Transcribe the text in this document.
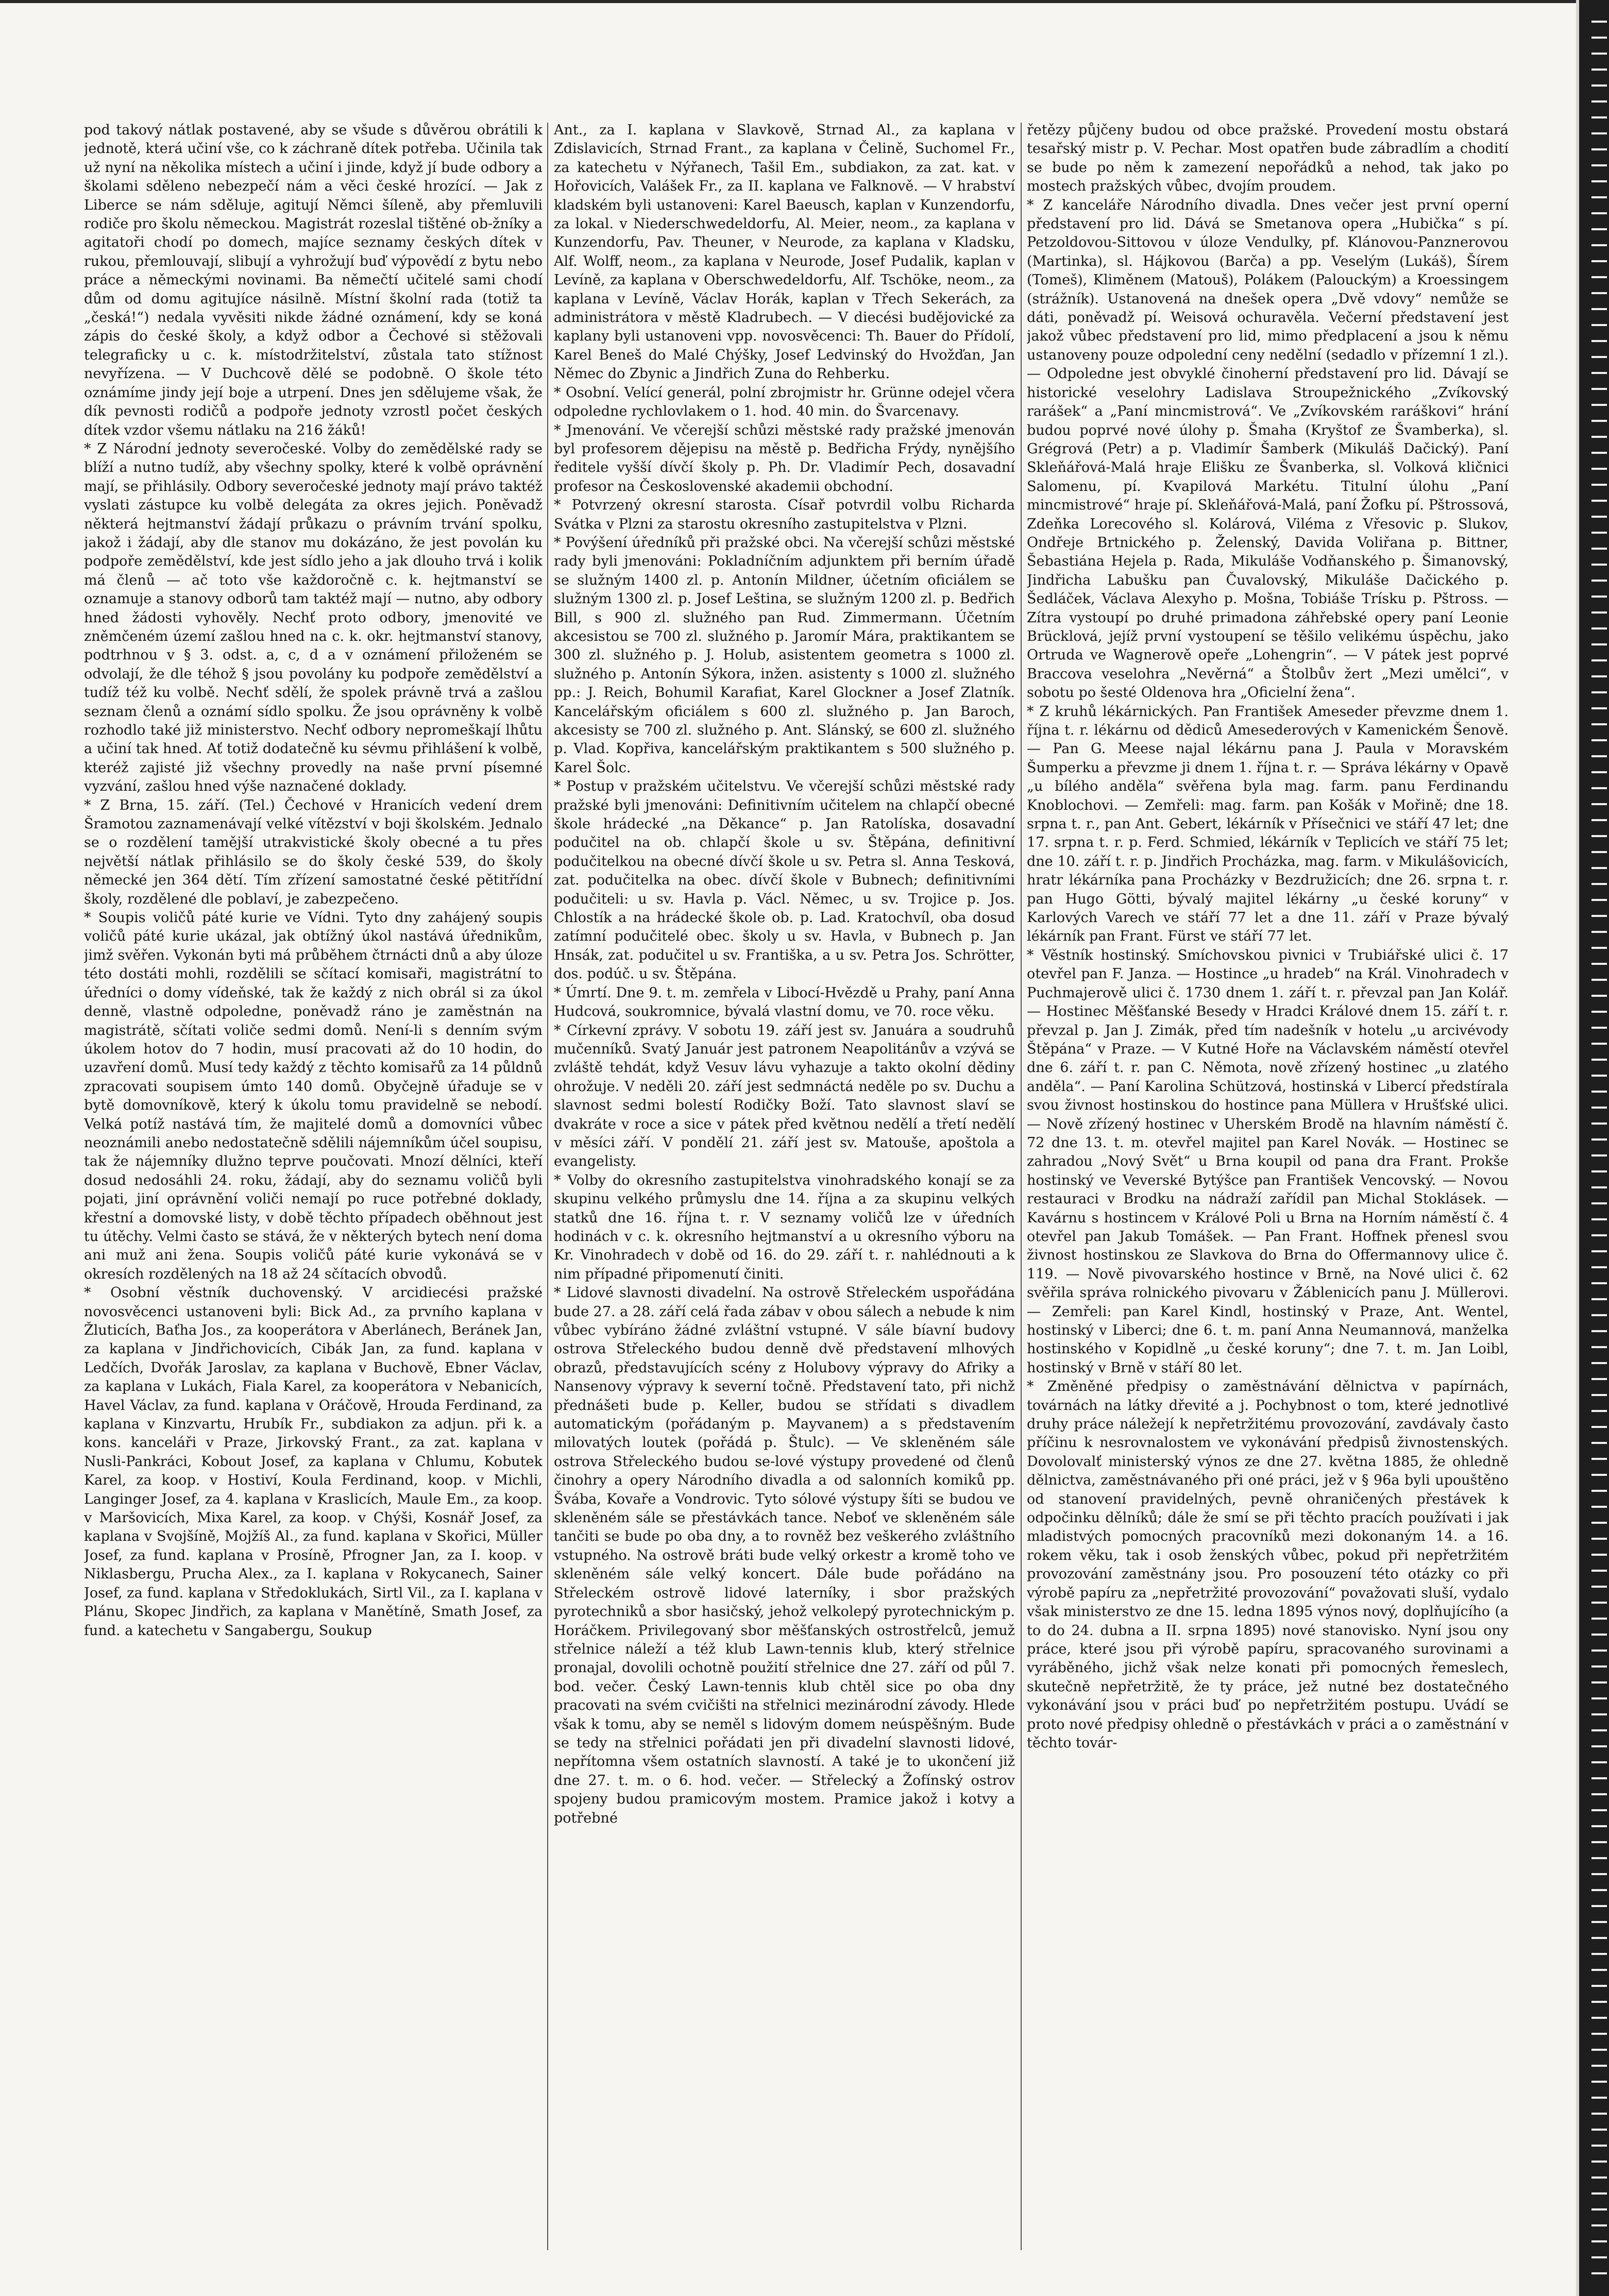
pod takový nátlak postavené, aby se všude s důvěrou obrátili k jednotě, která učiní vše, co k záchraně dítek potřeba. Učinila tak už nyní na několika místech a učiní i jinde, když jí bude odbory a školami sděleno nebezpečí nám a věci české hrozící. — Jak z Liberce se nám sděluje, agitují Němci šíleně, aby přemluvili rodiče pro školu německou. Magistrát rozeslal tištěné ob-žníky a agitatoři chodí po domech, majíce seznamy českých dítek v rukou, přemlouvají, slibují a vyhrožují buď výpovědí z bytu nebo práce a německými novinami. Ba němečtí učitelé sami chodí dům od domu agitujíce násilně. Místní školní rada (totiž ta „česká!“) nedala vyvěsiti nikde žádné oznámení, kdy se koná zápis do české školy, a když odbor a Čechové si stěžovali telegraficky u c. k. místodržitelství, zůstala tato stížnost nevyřízena. — V Duchcově dělé se podobně. O škole této oznámíme jindy její boje a utrpení. Dnes jen sdělujeme však, že dík pevnosti rodičů a podpoře jednoty vzrostl počet českých dítek vzdor všemu nátlaku na 216 žáků!

* Z Národní jednoty severočeské. Volby do zemědělské rady se blíží a nutno tudíž, aby všechny spolky, které k volbě oprávnění mají, se přihlásily. Odbory severočeské jednoty mají právo taktéž vyslati zástupce ku volbě delegáta za okres jejich. Poněvadž některá hejtmanství žádají průkazu o právním trvání spolku, jakož i žádají, aby dle stanov mu dokázáno, že jest povolán ku podpoře zemědělství, kde jest sídlo jeho a jak dlouho trvá i kolik má členů — ač toto vše každoročně c. k. hejtmanství se oznamuje a stanovy odborů tam taktéž mají — nutno, aby odbory hned žádosti vyhověly. Nechť proto odbory, jmenovité ve zněmčeném území zašlou hned na c. k. okr. hejtmanství stanovy, podtrhnou v § 3. odst. a, c, d a v oznámení přiloženém se odvolají, že dle téhož § jsou povolány ku podpoře zemědělství a tudíž též ku volbě. Nechť sdělí, že spolek právně trvá a zašlou seznam členů a oznámí sídlo spolku. Že jsou oprávněny k volbě rozhodlo také již ministerstvo. Nechť odbory nepromeškají lhůtu a učiní tak hned. Ať totiž dodatečně ku sévmu přihlášení k volbě, kteréž zajisté již všechny provedly na naše první písemné vyzvání, zašlou hned výše naznačené doklady.

* Z Brna, 15. září. (Tel.) Čechové v Hranicích vedení drem Šramotou zaznamenávají velké vítězství v boji školském. Jednalo se o rozdělení tamější utrakvistické školy obecné a tu přes největší nátlak přihlásilo se do školy české 539, do školy německé jen 364 dětí. Tím zřízení samostatné české pětitřídní školy, rozdělené dle poblaví, je zabezpečeno.

* Soupis voličů páté kurie ve Vídni. Tyto dny zahájený soupis voličů páté kurie ukázal, jak obtížný úkol nastává úřednikům, jimž svěřen. Vykonán byti má průběhem čtrnácti dnů a aby úloze této dostáti mohli, rozdělili se sčítací komisaři, magistrátní to úředníci o domy vídeňské, tak že každý z nich obrál si za úkol denně, vlastně odpoledne, poněvadž ráno je zaměstnán na magistrátě, sčítati voliče sedmi domů. Není-li s denním svým úkolem hotov do 7 hodin, musí pracovati až do 10 hodin, do uzavření domů. Musí tedy každý z těchto komisařů za 14 půldnů zpracovati soupisem úmto 140 domů. Obyčejně úřaduje se v bytě domovníkově, který k úkolu tomu pravidelně se nebodí. Velká potíž nastává tím, že majitelé domů a domovníci vůbec neoznámili anebo nedostatečně sdělili nájemníkům účel soupisu, tak že nájemníky dlužno teprve poučovati. Mnozí dělníci, kteří dosud nedosáhli 24. roku, žádají, aby do seznamu voličů byli pojati, jiní oprávnění voliči nemají po ruce potřebné doklady, křestní a domovské listy, v době těchto případech oběhnout jest tu útěchy. Velmi často se stává, že v některých bytech není doma ani muž ani žena. Soupis voličů páté kurie vykonává se v okresích rozdělených na 18 až 24 sčítacích obvodů.

* Osobní věstník duchovenský. V arcidiecési pražské novosvěcenci ustanoveni byli: Bick Ad., za prvního kaplana v Žluticích, Baťha Jos., za kooperátora v Aberlánech, Beránek Jan, za kaplana v Jindřichovicích, Cibák Jan, za fund. kaplana v Ledčích, Dvořák Jaroslav, za kaplana v Buchově, Ebner Václav, za kaplana v Lukách, Fiala Karel, za kooperátora v Nebanicích, Havel Václav, za fund. kaplana v Oráčově, Hrouda Ferdinand, za kaplana v Kinzvartu, Hrubík Fr., subdiakon za adjun. při k. a kons. kanceláři v Praze, Jirkovský Frant., za zat. kaplana v Nusli-Pankráci, Kobout Josef, za kaplana v Chlumu, Kobutek Karel, za koop. v Hostiví, Koula Ferdinand, koop. v Michli, Langinger Josef, za 4. kaplana v Kraslicích, Maule Em., za koop. v Maršovicích, Mixa Karel, za koop. v Chýši, Kosnář Josef, za kaplana v Svojšíně, Mojžíš Al., za fund. kaplana v Skořici, Müller Josef, za fund. kaplana v Prosíně, Pfrogner Jan, za I. koop. v Niklasbergu, Prucha Alex., za I. kaplana v Rokycanech, Sainer Josef, za fund. kaplana v Středoklukách, Sirtl Vil., za I. kaplana v Plánu, Skopec Jindřich, za kaplana v Manětíně, Smath Josef, za fund. a katechetu v Sangabergu, Soukup

Ant., za I. kaplana v Slavkově, Strnad Al., za kaplana v Zdislavicích, Strnad Frant., za kaplana v Čelině, Suchomel Fr., za katechetu v Nýřanech, Tašil Em., subdiakon, za zat. kat. v Hořovicích, Valášek Fr., za II. kaplana ve Falknově. — V hrabství kladském byli ustanoveni: Karel Baeusch, kaplan v Kunzendorfu, za lokal. v Niederschwedeldorfu, Al. Meier, neom., za kaplana v Kunzendorfu, Pav. Theuner, v Neurode, za kaplana v Kladsku, Alf. Wolff, neom., za kaplana v Neurode, Josef Pudalik, kaplan v Levíně, za kaplana v Oberschwedeldorfu, Alf. Tschöke, neom., za kaplana v Levíně, Václav Horák, kaplan v Třech Sekerách, za administrátora v městě Kladrubech. — V diecési budějovické za kaplany byli ustanoveni vpp. novosvěcenci: Th. Bauer do Přídolí, Karel Beneš do Malé Chýšky, Josef Ledvinský do Hvožďan, Jan Němec do Zbynic a Jindřich Zuna do Rehberku.

* Osobní. Velící generál, polní zbrojmistr hr. Grünne odejel včera odpoledne rychlovlakem o 1. hod. 40 min. do Švarcenavy.

* Jmenování. Ve včerejší schůzi městské rady pražské jmenován byl profesorem dějepisu na městě p. Bedřicha Frýdy, nynějšího ředitele vyšší dívčí školy p. Ph. Dr. Vladimír Pech, dosavadní profesor na Československé akademii obchodní.

* Potvrzený okresní starosta. Císař potvrdil volbu Richarda Svátka v Plzni za starostu okresního zastupitelstva v Plzni.

* Povýšení úředníků při pražské obci. Na včerejší schůzi městské rady byli jmenováni: Pokladníčním adjunktem při berním úřadě se služným 1400 zl. p. Antonín Mildner, účetním oficiálem se služným 1300 zl. p. Josef Leština, se služným 1200 zl. p. Bedřich Bill, s 900 zl. služného pan Rud. Zimmermann. Účetním akcesistou se 700 zl. služného p. Jaromír Mára, praktikantem se 300 zl. služného p. J. Holub, asistentem geometra s 1000 zl. služného p. Antonín Sýkora, inžen. asistenty s 1000 zl. služného pp.: J. Reich, Bohumil Karafiat, Karel Glockner a Josef Zlatník. Kancelářským oficiálem s 600 zl. služného p. Jan Baroch, akcesisty se 700 zl. služného p. Ant. Slánský, se 600 zl. služného p. Vlad. Kopřiva, kancelářským praktikantem s 500 služného p. Karel Šolc.

* Postup v pražském učitelstvu. Ve včerejší schůzi městské rady pražské byli jmenováni: Definitivním učitelem na chlapčí obecné škole hrádecké „na Děkance“ p. Jan Ratolíska, dosavadní podučitel na ob. chlapčí škole u sv. Štěpána, definitivní podučitelkou na obecné dívčí škole u sv. Petra sl. Anna Tesková, zat. podučitelka na obec. dívčí škole v Bubnech; definitivními podučiteli: u sv. Havla p. Václ. Němec, u sv. Trojice p. Jos. Chlostík a na hrádecké škole ob. p. Lad. Kratochvíl, oba dosud zatímní podučitelé obec. školy u sv. Havla, v Bubnech p. Jan Hnsák, zat. podučitel u sv. Františka, a u sv. Petra Jos. Schrötter, dos. podúč. u sv. Štěpána.

* Úmrtí. Dne 9. t. m. zemřela v Libocí-Hvězdě u Prahy, paní Anna Hudcová, soukromnice, bývalá vlastní domu, ve 70. roce věku.

* Církevní zprávy. V sobotu 19. září jest sv. Januára a soudruhů mučenníků. Svatý Január jest patronem Neapolitánův a vzývá se zvláště tehdát, když Vesuv lávu vyhazuje a takto okolní dědiny ohrožuje. V neděli 20. září jest sedmnáctá neděle po sv. Duchu a slavnost sedmi bolestí Rodičky Boží. Tato slavnost slaví se dvakráte v roce a sice v pátek před květnou nedělí a třetí nedělí v měsíci září. V pondělí 21. září jest sv. Matouše, apoštola a evangelisty.

* Volby do okresního zastupitelstva vinohradského konají se za skupinu velkého průmyslu dne 14. října a za skupinu velkých statků dne 16. října t. r. V seznamy voličů lze v úředních hodinách v c. k. okresního hejtmanství a u okresního výboru na Kr. Vinohradech v době od 16. do 29. září t. r. nahlédnouti a k nim případné připomenutí činiti.

* Lidové slavnosti divadelní. Na ostrově Střeleckém uspořádána bude 27. a 28. září celá řada zábav v obou sálech a nebude k nim vůbec vybíráno žádné zvláštní vstupné. V sále bíavní budovy ostrova Střeleckého budou denně dvě představení mlhových obrazů, představujících scény z Holubovy výpravy do Afriky a Nansenovy výpravy k severní točně. Představení tato, při nichž přednášeti bude p. Keller, budou se střídati s divadlem automatickým (pořádaným p. Mayvanem) a s představením milovatých loutek (pořádá p. Štulc). — Ve skleněném sále ostrova Střeleckého budou se-lové výstupy provedené od členů činohry a opery Národního divadla a od salonních komiků pp. Švába, Kovaře a Vondrovic. Tyto sólové výstupy šíti se budou ve skleněném sále se přestávkách tance. Neboť ve skleněném sále tančiti se bude po oba dny, a to rovněž bez veškerého zvláštního vstupného. Na ostrově bráti bude velký orkestr a kromě toho ve skleněném sále velký koncert. Dále bude pořádáno na Střeleckém ostrově lidové laterníky, i sbor pražských pyrotechniků a sbor hasičský, jehož velkolepý pyrotechnickým p. Horáčkem. Privilegovaný sbor měšťanských ostrostřelců, jemuž střelnice náleží a též klub Lawn-tennis klub, který střelnice pronajal, dovolili ochotně použití střelnice dne 27. září od půl 7. bod. večer. Český Lawn-tennis klub chtěl sice po oba dny pracovati na svém cvičišti na střelnici mezinárodní závody. Hlede však k tomu, aby se neměl s lidovým domem neúspěšným. Bude se tedy na střelnici pořádati jen při divadelní slavnosti lidové, nepřítomna všem ostatních slavností. A také je to ukončení již dne 27. t. m. o 6. hod. večer. — Střelecký a Žofínský ostrov spojeny budou pramicovým mostem. Pramice jakož i kotvy a potřebné

řetězy půjčeny budou od obce pražské. Provedení mostu obstará tesařský mistr p. V. Pechar. Most opatřen bude zábradlím a chodití se bude po něm k zamezení nepořádků a nehod, tak jako po mostech pražských vůbec, dvojím proudem.

* Z kanceláře Národního divadla. Dnes večer jest první operní představení pro lid. Dává se Smetanova opera „Hubička“ s pí. Petzoldovou-Sittovou v úloze Vendulky, pf. Klánovou-Panznerovou (Martinka), sl. Hájkovou (Barča) a pp. Veselým (Lukáš), Šírem (Tomeš), Kliměnem (Matouš), Polákem (Palouckým) a Kroessingem (strážník). Ustanovená na dnešek opera „Dvě vdovy“ nemůže se dáti, poněvadž pí. Weisová ochuravěla. Večerní představení jest jakož vůbec představení pro lid, mimo předplacení a jsou k němu ustanoveny pouze odpolední ceny nedělní (sedadlo v přízemní 1 zl.). — Odpoledne jest obvyklé činoherní představení pro lid. Dávají se historické veselohry Ladislava Stroupežnického „Zvíkovský rarášek“ a „Paní mincmistrová“. Ve „Zvíkovském raráškovi“ hrání budou poprvé nové úlohy p. Šmaha (Kryštof ze Švamberka), sl. Grégrová (Petr) a p. Vladimír Šamberk (Mikuláš Dačický). Paní Skleňářová-Malá hraje Elišku ze Švanberka, sl. Volková kličnici Salomenu, pí. Kvapilová Markétu. Titulní úlohu „Paní mincmistrové“ hraje pí. Skleňářová-Malá, paní Žofku pí. Pštrossová, Zdeňka Lorecového sl. Kolárová, Viléma z Vřesovic p. Slukov, Ondřeje Brtnického p. Želenský, Davida Voliřana p. Bittner, Šebastiána Hejela p. Rada, Mikuláše Vodňanského p. Šimanovský, Jindřicha Labušku pan Čuvalovský, Mikuláše Dačického p. Šedláček, Václava Alexyho p. Mošna, Tobiáše Trísku p. Pštross. — Zítra vystoupí po druhé primadona záhřebské opery paní Leonie Brücklová, jejíž první vystoupení se těšilo velikému úspěchu, jako Ortruda ve Wagnerově opeře „Lohengrin“. — V pátek jest poprvé Braccova veselohra „Nevěrná“ a Štolbův žert „Mezi umělci“, v sobotu po šesté Oldenova hra „Oficielní žena“.

* Z kruhů lékárnických. Pan František Ameseder převzme dnem 1. října t. r. lékárnu od dědiců Amesederových v Kamenickém Šenově. — Pan G. Meese najal lékárnu pana J. Paula v Moravském Šumperku a převzme ji dnem 1. října t. r. — Správa lékárny v Opavě „u bílého anděla“ svěřena byla mag. farm. panu Ferdinandu Knoblochovi. — Zemřeli: mag. farm. pan Košák v Mořině; dne 18. srpna t. r., pan Ant. Gebert, lékárník v Přísečnici ve stáří 47 let; dne 17. srpna t. r. p. Ferd. Schmied, lékárník v Teplicích ve stáří 75 let; dne 10. září t. r. p. Jindřich Procházka, mag. farm. v Mikulášovicích, hratr lékárníka pana Procházky v Bezdružicích; dne 26. srpna t. r. pan Hugo Götti, bývalý majitel lékárny „u české koruny“ v Karlových Varech ve stáří 77 let a dne 11. září v Praze bývalý lékárník pan Frant. Fürst ve stáří 77 let.

* Věstník hostinský. Smíchovskou pivnici v Trubiářské ulici č. 17 otevřel pan F. Janza. — Hostince „u hradeb“ na Král. Vinohradech v Puchmajerově ulici č. 1730 dnem 1. září t. r. převzal pan Jan Kolář. — Hostinec Měšťanské Besedy v Hradci Králové dnem 15. září t. r. převzal p. Jan J. Zimák, před tím nadešník v hotelu „u arcivévody Štěpána“ v Praze. — V Kutné Hoře na Václavském náměstí otevřel dne 6. září t. r. pan C. Němota, nově zřízený hostinec „u zlatého anděla“. — Paní Karolina Schützová, hostinská v Libercí předstírala svou živnost hostinskou do hostince pana Müllera v Hrušťské ulici. — Nově zřízený hostinec v Uherském Brodě na hlavním náměstí č. 72 dne 13. t. m. otevřel majitel pan Karel Novák. — Hostinec se zahradou „Nový Svět“ u Brna koupil od pana dra Frant. Prokše hostinský ve Veverské Bytýšce pan František Vencovský. — Novou restauraci v Brodku na nádraží zařídil pan Michal Stoklásek. — Kavárnu s hostincem v Králové Poli u Brna na Horním náměstí č. 4 otevřel pan Jakub Tomášek. — Pan Frant. Hoffnek přenesl svou živnost hostinskou ze Slavkova do Brna do Offermannovy ulice č. 119. — Nově pivovarského hostince v Brně, na Nové ulici č. 62 svěřila správa rolnického pivovaru v Žáblenicích panu J. Müllerovi. — Zemřeli: pan Karel Kindl, hostinský v Praze, Ant. Wentel, hostinský v Liberci; dne 6. t. m. paní Anna Neumannová, manželka hostinského v Kopidlně „u české koruny“; dne 7. t. m. Jan Loibl, hostinský v Brně v stáří 80 let.

* Změněné předpisy o zaměstnávání dělnictva v papírnách, továrnách na látky dřevité a j. Pochybnost o tom, které jednotlivé druhy práce náležejí k nepřetržitému provozování, zavdávaly často příčinu k nesrovnalostem ve vykonávání předpisů živnostenských. Dovolovalť ministerský výnos ze dne 27. května 1885, že ohledně dělnictva, zaměstnávaného při oné práci, jež v § 96a byli upouštěno od stanovení pravidelných, pevně ohraničených přestávek k odpočinku dělníků; dále že smí se při těchto pracích používati i jak mladistvých pomocných pracovníků mezi dokonaným 14. a 16. rokem věku, tak i osob ženských vůbec, pokud při nepřetržitém provozování zaměstnány jsou. Pro posouzení této otázky co při výrobě papíru za „nepřetržité provozování“ považovati sluší, vydalo však ministerstvo ze dne 15. ledna 1895 výnos nový, doplňujícího (a to do 24. dubna a II. srpna 1895) nové stanovisko. Nyní jsou ony práce, které jsou při výrobě papíru, spracovaného surovinami a vyráběného, jichž však nelze konati při pomocných řemeslech, skutečně nepřetržitě, že ty práce, jež nutné bez dostatečného vykonávání jsou v práci buď po nepřetržitém postupu. Uvádí se proto nové předpisy ohledně o přestávkách v práci a o zaměstnání v těchto továr-
